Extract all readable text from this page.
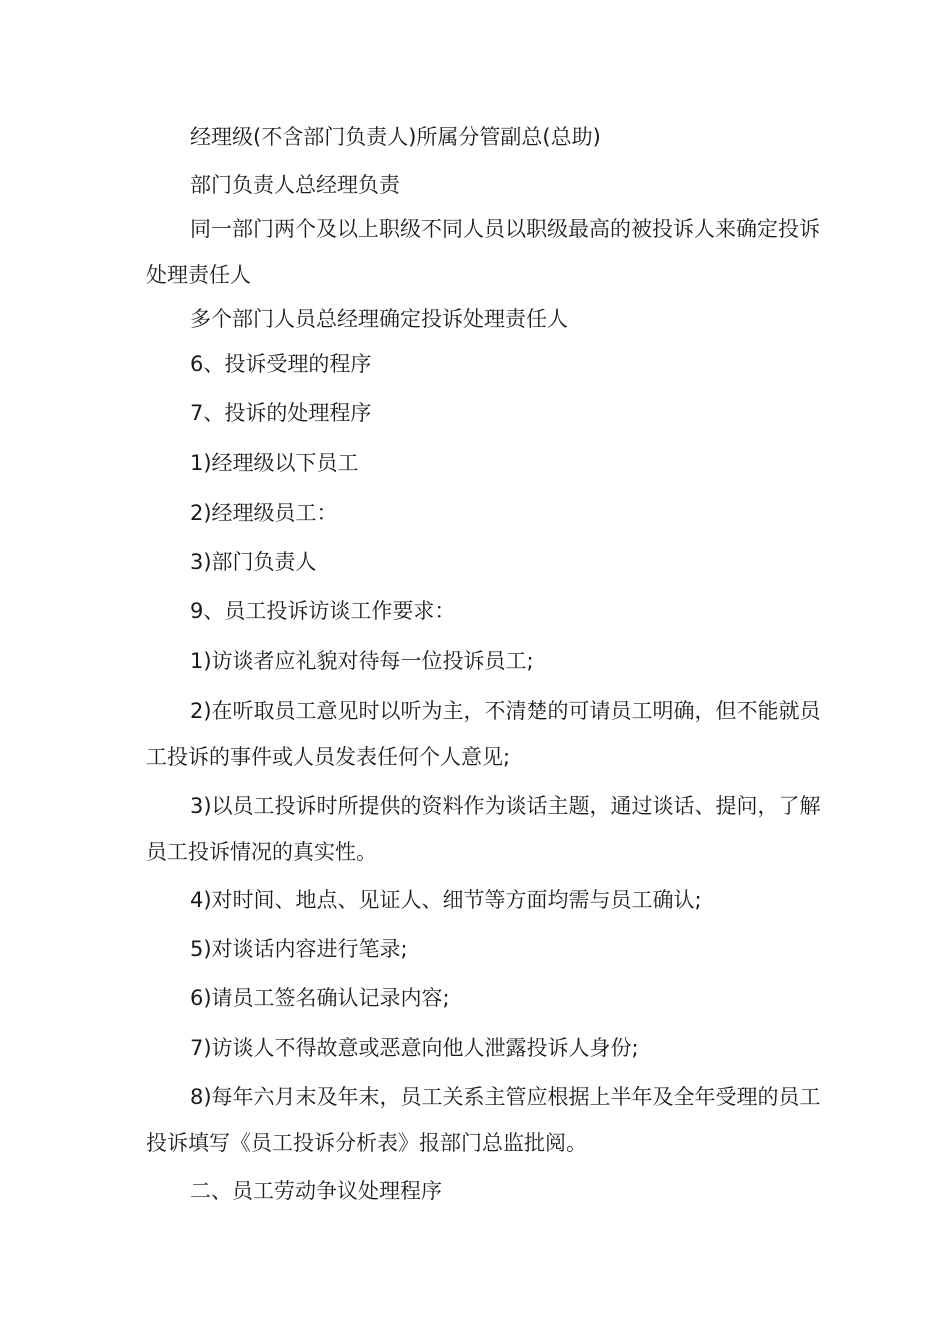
经理级(不含部门负责人)所属分管副总(总助)

部门负责人总经理负责

同一部门两个及以上职级不同人员以职级最高的被投诉人来确定投诉处理责任人

多个部门人员总经理确定投诉处理责任人

6、投诉受理的程序

7、投诉的处理程序

1)经理级以下员工

2)经理级员工：

3)部门负责人

9、员工投诉访谈工作要求：

1)访谈者应礼貌对待每一位投诉员工;

2)在听取员工意见时以听为主，不清楚的可请员工明确，但不能就员工投诉的事件或人员发表任何个人意见;

3)以员工投诉时所提供的资料作为谈话主题，通过谈话、提问，了解员工投诉情况的真实性。

4)对时间、地点、见证人、细节等方面均需与员工确认;

5)对谈话内容进行笔录;

6)请员工签名确认记录内容;

7)访谈人不得故意或恶意向他人泄露投诉人身份;

8)每年六月末及年末，员工关系主管应根据上半年及全年受理的员工投诉填写《员工投诉分析表》报部门总监批阅。

二、员工劳动争议处理程序
